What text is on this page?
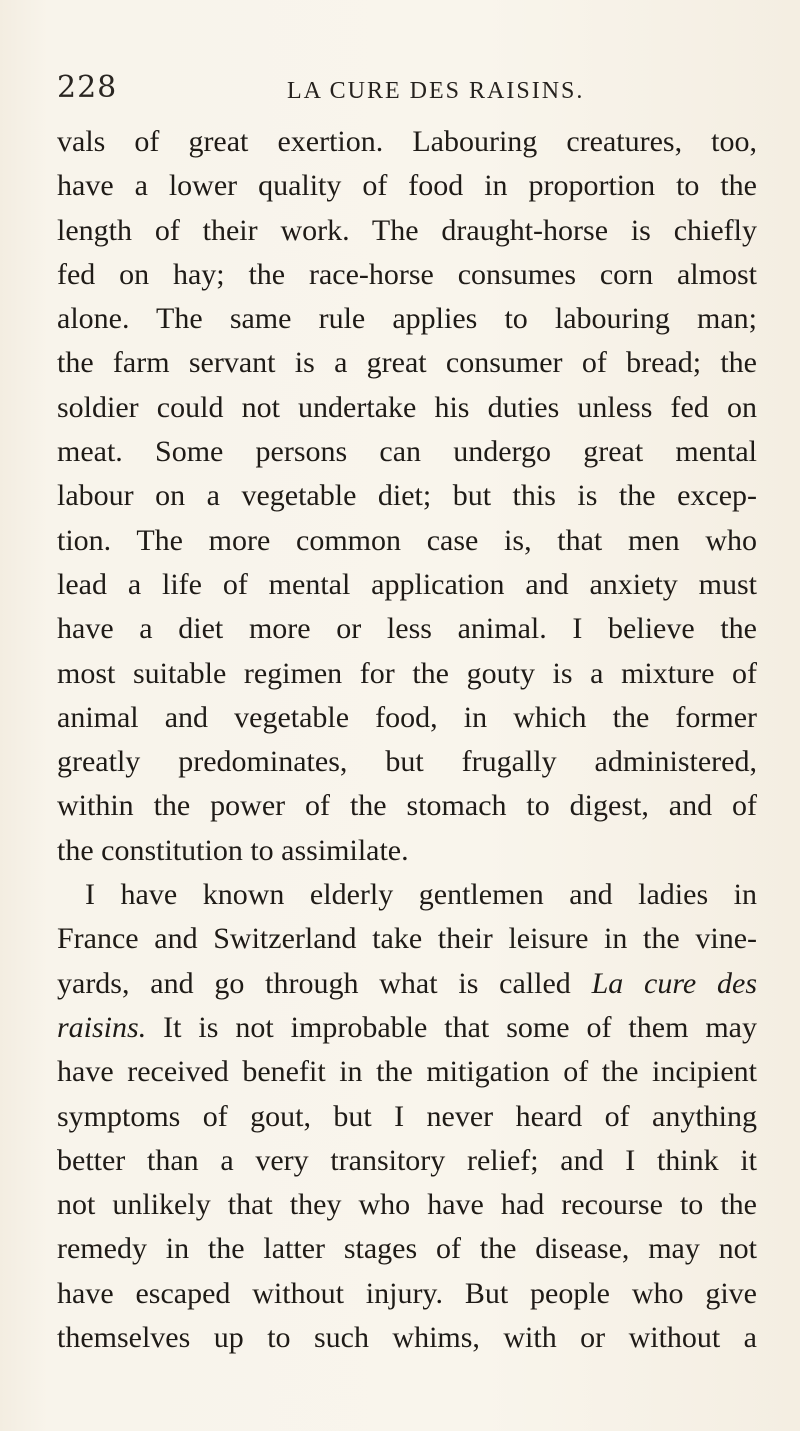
228	LA CURE DES RAISINS.
vals of great exertion. Labouring creatures, too,
have a lower quality of food in proportion to the
length of their work. The draught-horse is chiefly
fed on hay; the race-horse consumes corn almost
alone. The same rule applies to labouring man;
the farm servant is a great consumer of bread; the
soldier could not undertake his duties unless fed on
meat. Some persons can undergo great mental
labour on a vegetable diet; but this is the excep-
tion. The more common case is, that men who
lead a life of mental application and anxiety must
have a diet more or less animal. I believe the
most suitable regimen for the gouty is a mixture of
animal and vegetable food, in which the former
greatly predominates, but frugally administered,
within the power of the stomach to digest, and of
the constitution to assimilate.
I have known elderly gentlemen and ladies in
France and Switzerland take their leisure in the vine-
yards, and go through what is called La cure des
raisins. It is not improbable that some of them may
have received benefit in the mitigation of the incipient
symptoms of gout, but I never heard of anything
better than a very transitory relief; and I think it
not unlikely that they who have had recourse to the
remedy in the latter stages of the disease, may not
have escaped without injury. But people who give
themselves up to such whims, with or without a
